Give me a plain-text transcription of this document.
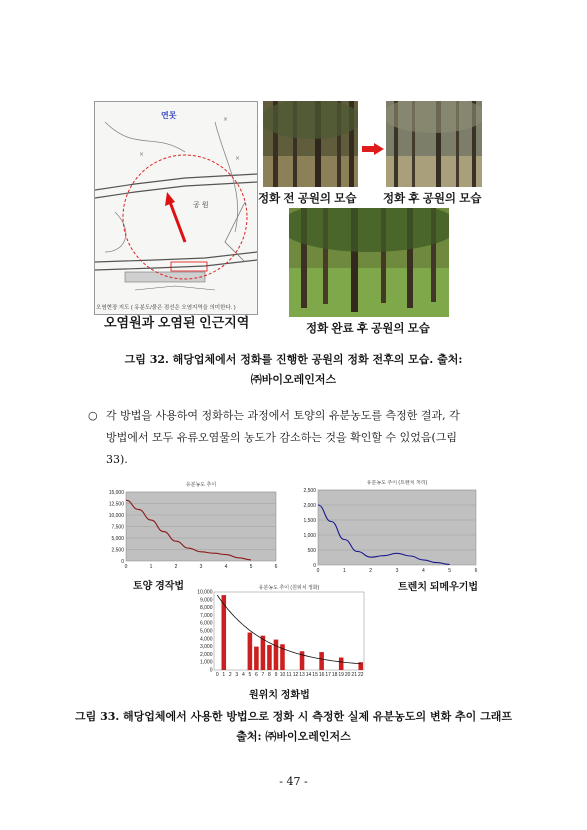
×
×
×
연못
공 원
오염현장 지도 ( 유분도/붉은 점선은 오염지역을 의미한다. )
오염원과 오염된 인근지역
정화 전 공원의 모습 정화 후 공원의 모습
정화 완료 후 공원의 모습
그림 32. 해당업체에서 정화를 진행한 공원의 정화 전후의 모습. 출처:
㈜바이오레인저스
○ 각 방법을 사용하여 정화하는 과정에서 토양의 유분농도를 측정한 결과, 각
방법에서 모두 유류오염물의 농도가 감소하는 것을 확인할 수 있었음(그림
33).
유분농도 추이
0
2,500
5,000
7,500
10,000
12,500
15,000
0	1	2	3	4	5	6
토양 경작법
유분농도 추이 (트렌치 처리)
0
500
1,000
1,500
2,000
2,500
0	1	2	3	4	5	6
트렌치 되메우기법
유분농도 추이 (원위치 정화)
0
1,000
2,000
3,000
4,000
5,000
6,000
7,000
8,000
9,000
10,000
0 1 2 3 4 5 6 7 8 9 10 11 12 13 14 15 16 17 18 19 20 21 22
원위치 정화법
그림 33. 해당업체에서 사용한 방법으로 정화 시 측정한 실제 유분농도의 변화 추이 그래프
출처: ㈜바이오레인저스
- 47 -
